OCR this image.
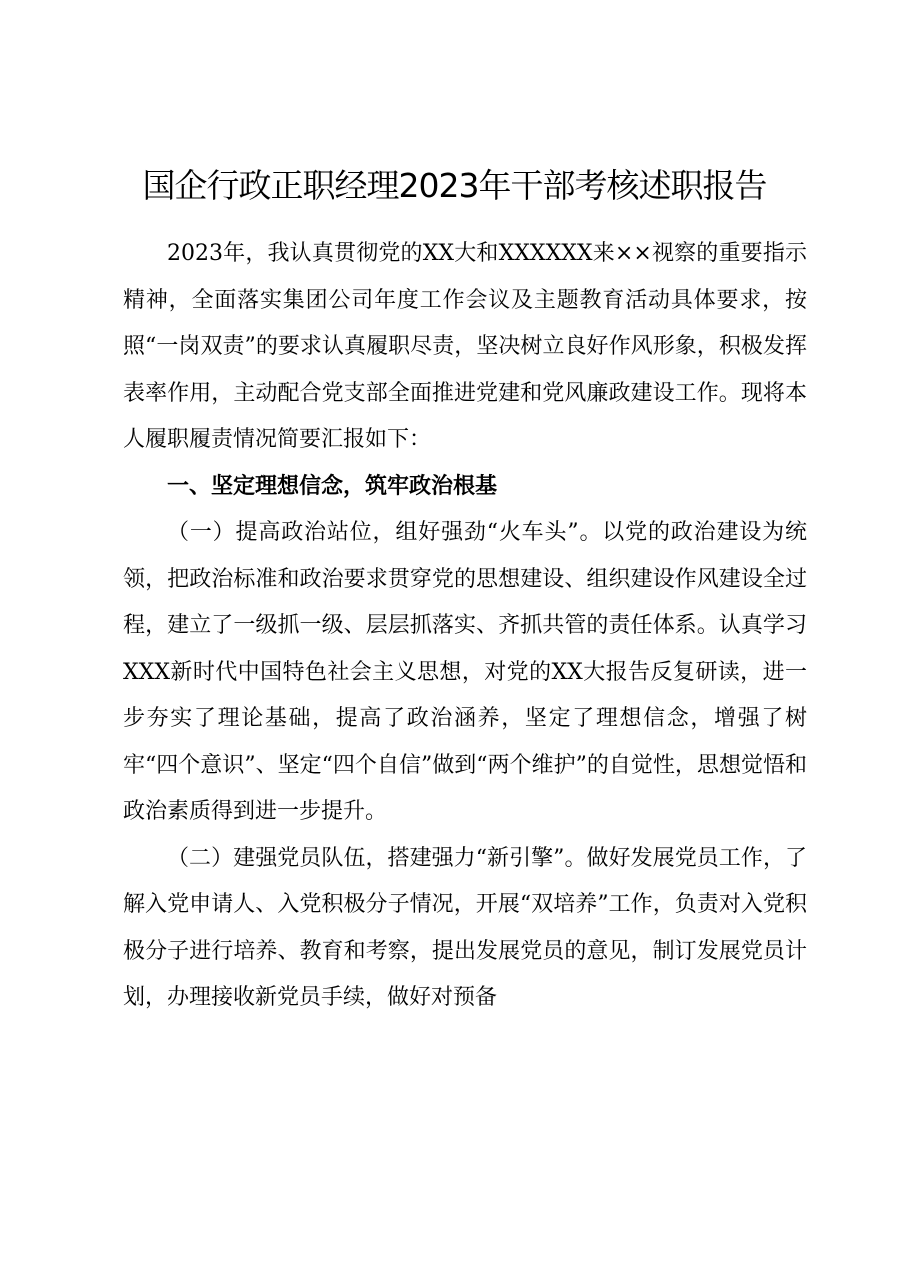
国企行政正职经理2023年干部考核述职报告

2023年，我认真贯彻党的XX大和XXXXXX来××视察的重要指示精神，全面落实集团公司年度工作会议及主题教育活动具体要求，按照“一岗双责”的要求认真履职尽责，坚决树立良好作风形象，积极发挥表率作用，主动配合党支部全面推进党建和党风廉政建设工作。现将本人履职履责情况简要汇报如下：

一、坚定理想信念，筑牢政治根基

（一）提高政治站位，组好强劲“火车头”。以党的政治建设为统领，把政治标准和政治要求贯穿党的思想建设、组织建设作风建设全过程，建立了一级抓一级、层层抓落实、齐抓共管的责任体系。认真学习XXX新时代中国特色社会主义思想，对党的XX大报告反复研读，进一步夯实了理论基础，提高了政治涵养，坚定了理想信念，增强了树牢“四个意识”、坚定“四个自信”做到“两个维护”的自觉性，思想觉悟和政治素质得到进一步提升。

（二）建强党员队伍，搭建强力“新引擎”。做好发展党员工作，了解入党申请人、入党积极分子情况，开展“双培养”工作，负责对入党积极分子进行培养、教育和考察，提出发展党员的意见，制订发展党员计划，办理接收新党员手续，做好对预备
